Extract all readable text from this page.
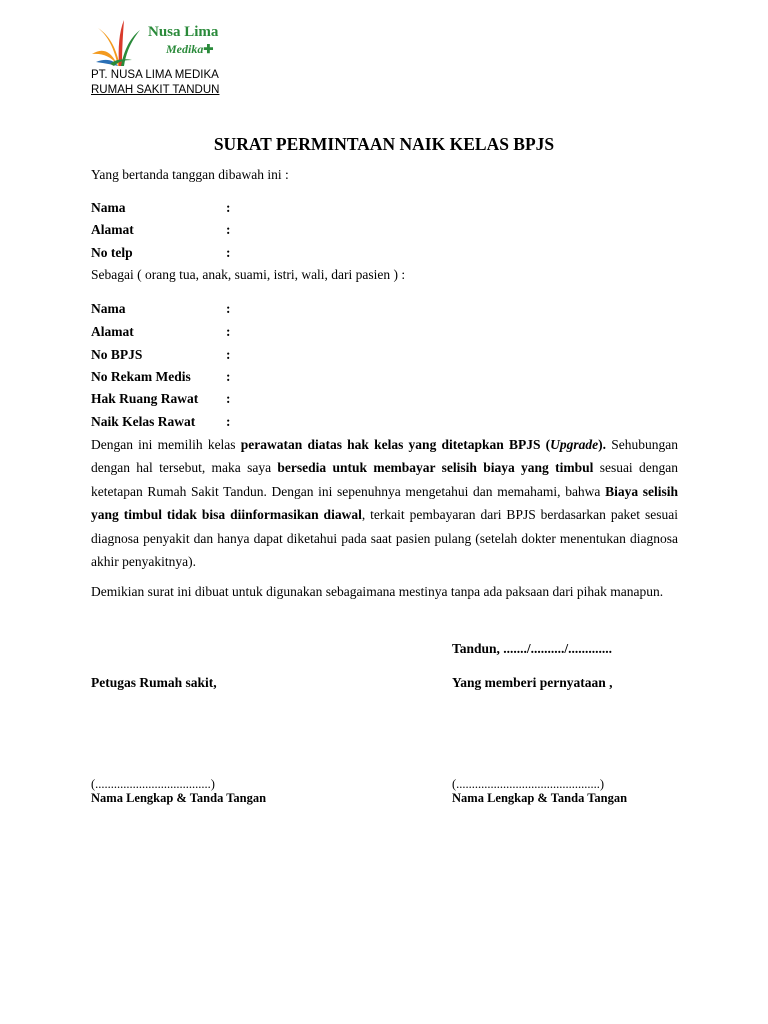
Nusa Lima
Medika✚
PT. NUSA LIMA MEDIKA
RUMAH SAKIT TANDUN
SURAT PERMINTAAN NAIK KELAS BPJS
Yang bertanda tanggan dibawah ini :
Nama	:
Alamat	:
No telp	:
Sebagai ( orang tua, anak, suami, istri, wali, dari pasien ) :
Nama	:
Alamat	:
No BPJS	:
No Rekam Medis	:
Hak Ruang Rawat :
Naik Kelas Rawat :
Dengan ini memilih kelas perawatan diatas hak kelas yang ditetapkan BPJS (Upgrade). Sehubungan dengan hal tersebut, maka saya bersedia untuk membayar selisih biaya yang timbul sesuai dengan ketetapan Rumah Sakit Tandun. Dengan ini sepenuhnya mengetahui dan memahami, bahwa Biaya selisih yang timbul tidak bisa diinformasikan diawal, terkait pembayaran dari BPJS berdasarkan paket sesuai diagnosa penyakit dan hanya dapat diketahui pada saat pasien pulang (setelah dokter menentukan diagnosa akhir penyakitnya).
Demikian surat ini dibuat untuk digunakan sebagaimana mestinya tanpa ada paksaan dari pihak manapun.
Tandun, ......./........../.............
Petugas Rumah sakit,	Yang memberi pernyataan ,
(.....................................)	(..............................................)
Nama Lengkap & Tanda Tangan	Nama Lengkap & Tanda Tangan
